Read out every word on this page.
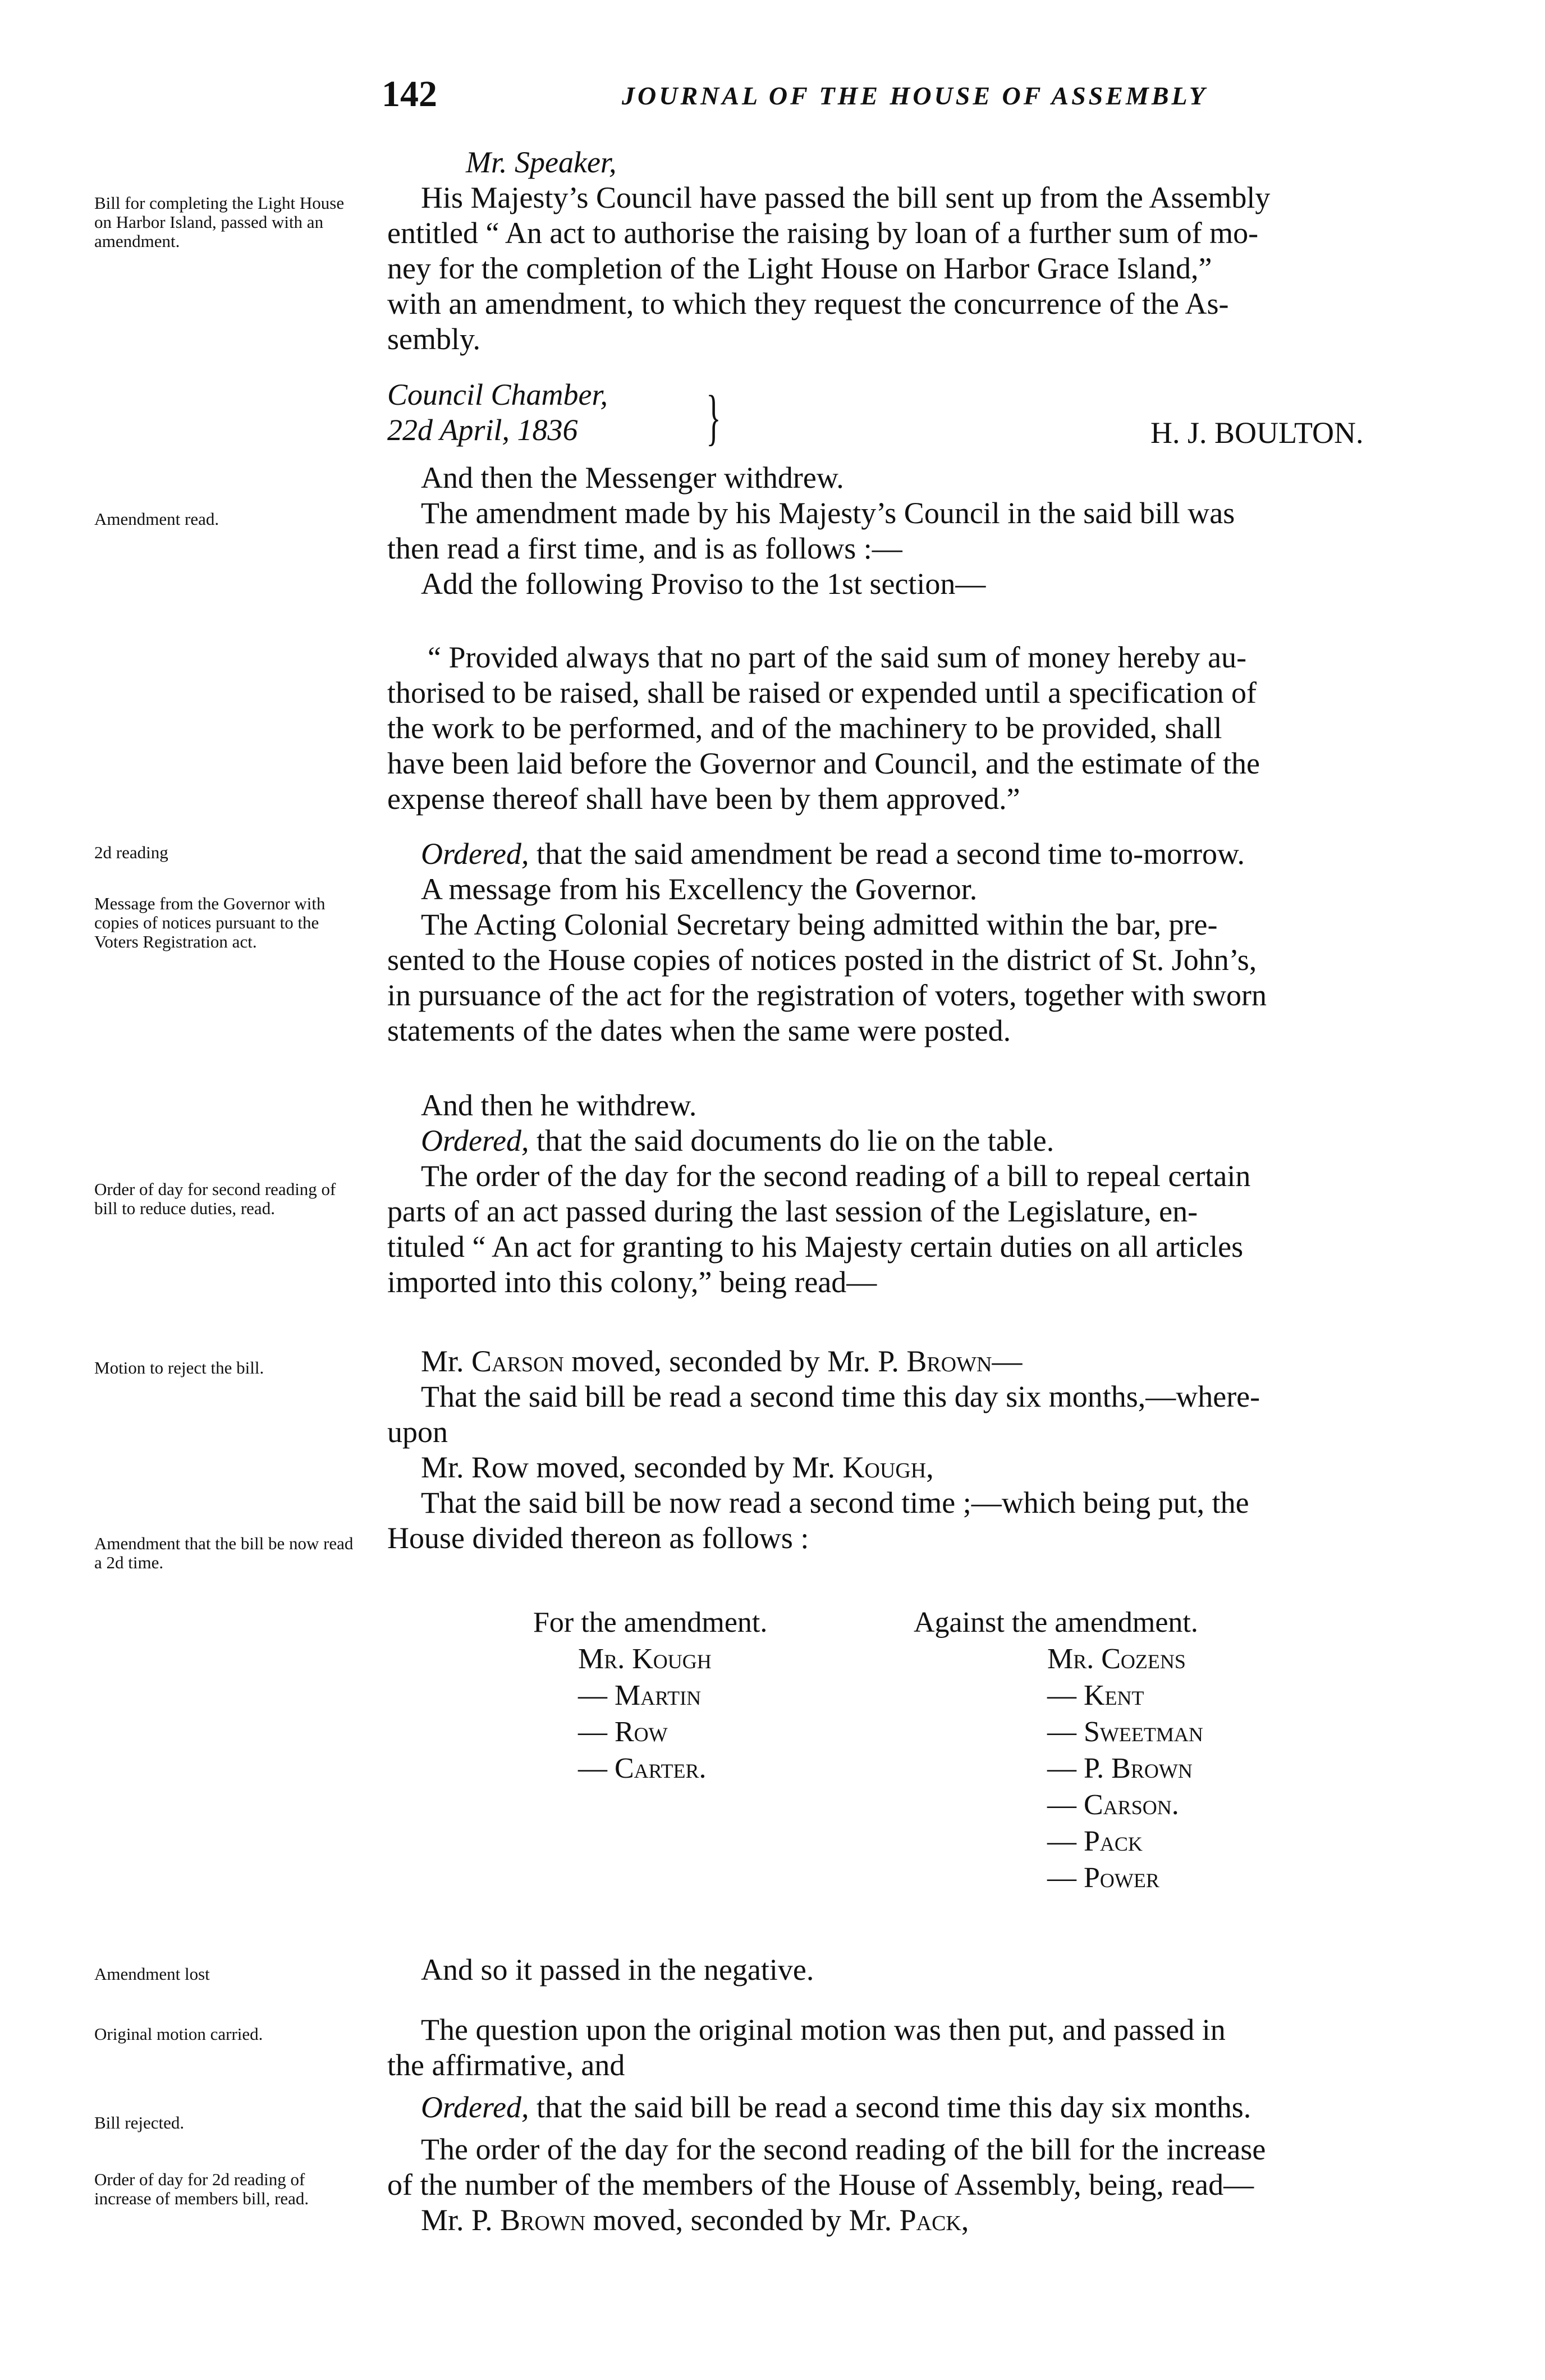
142	JOURNAL OF THE HOUSE OF ASSEMBLY
Bill for completing the Light House on Harbor Island, passed with an amendment.
Amendment read.
2d reading
Message from the Governor with copies of notices pursuant to the Voters Registration act.
Order of day for second reading of bill to reduce duties, read.
Motion to reject the bill.
Amendment that the bill be now read a 2d time.
Amendment lost
Original motion carried.
Bill rejected.
Order of day for 2d reading of increase of members bill, read.
Mr. Speaker,
His Majesty’s Council have passed the bill sent up from the Assembly
entitled “ An act to authorise the raising by loan of a further sum of mo-
ney for the completion of the Light House on Harbor Grace Island,”
with an amendment, to which they request the concurrence of the As-
sembly.
Council Chamber,
22d April, 1836	}	H. J. BOULTON.
And then the Messenger withdrew.
The amendment made by his Majesty’s Council in the said bill was
then read a first time, and is as follows :—
Add the following Proviso to the 1st section—
“ Provided always that no part of the said sum of money hereby au-
thorised to be raised, shall be raised or expended until a specification of
the work to be performed, and of the machinery to be provided, shall
have been laid before the Governor and Council, and the estimate of the
expense thereof shall have been by them approved.”
Ordered, that the said amendment be read a second time to-morrow.
A message from his Excellency the Governor.
The Acting Colonial Secretary being admitted within the bar, pre-
sented to the House copies of notices posted in the district of St. John’s,
in pursuance of the act for the registration of voters, together with sworn
statements of the dates when the same were posted.
And then he withdrew.
Ordered, that the said documents do lie on the table.
The order of the day for the second reading of a bill to repeal certain
parts of an act passed during the last session of the Legislature, en-
tituled “ An act for granting to his Majesty certain duties on all articles
imported into this colony,” being read—
Mr. Carson moved, seconded by Mr. P. Brown—
That the said bill be read a second time this day six months,—where-
upon
Mr. Row moved, seconded by Mr. Kough,
That the said bill be now read a second time ;—which being put, the
House divided thereon as follows :
For the amendment.
Mr. Kough
— Martin
— Row
— Carter.
Against the amendment.
Mr. Cozens
— Kent
— Sweetman
— P. Brown
— Carson.
— Pack
— Power
And so it passed in the negative.
The question upon the original motion was then put, and passed in
the affirmative, and
Ordered, that the said bill be read a second time this day six months.
The order of the day for the second reading of the bill for the increase
of the number of the members of the House of Assembly, being, read—
Mr. P. Brown moved, seconded by Mr. Pack,
